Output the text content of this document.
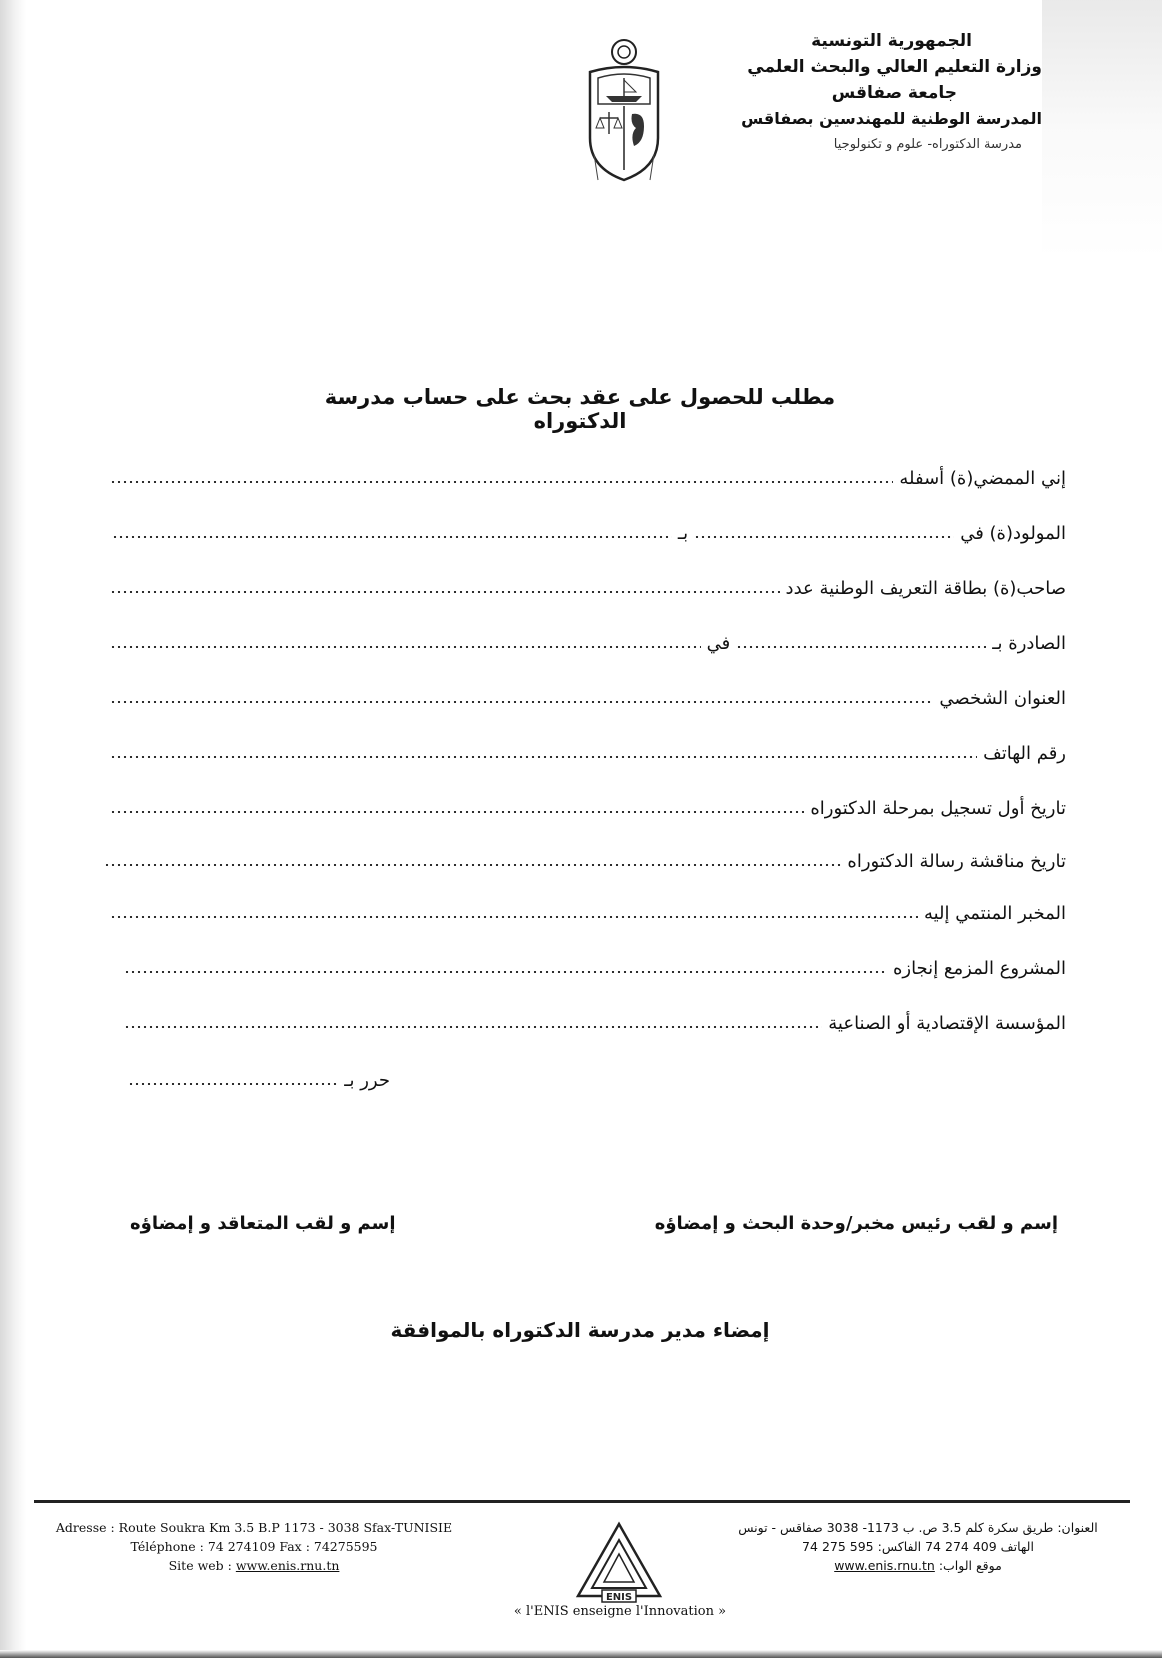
الجمهورية التونسية
وزارة التعليم العالي والبحث العلمي
جامعة صفاقس
المدرسة الوطنية للمهندسين بصفاقس
مدرسة الدكتوراه- علوم و تكنولوجيا
مطلب للحصول على عقد بحث على حساب مدرسة الدكتوراه
إني الممضي(ة) أسفله
المولود(ة) في
بـ
صاحب(ة) بطاقة التعريف الوطنية عدد
الصادرة بـ
في
العنوان الشخصي
رقم الهاتف
تاريخ أول تسجيل بمرحلة الدكتوراه
تاريخ مناقشة رسالة الدكتوراه
المخبر المنتمي إليه
المشروع المزمع إنجازه
المؤسسة الإقتصادية أو الصناعية
حرر بـ
إسم و لقب رئيس مخبر/وحدة البحث و إمضاؤه
إسم و لقب المتعاقد و إمضاؤه
إمضاء مدير مدرسة الدكتوراه بالموافقة
Adresse : Route Soukra Km 3.5 B.P 1173 - 3038 Sfax-TUNISIE
Téléphone : 74 274109 Fax : 74275595
Site web : www.enis.rnu.tn
ENIS
« l'ENIS enseigne l'Innovation »
العنوان: طريق سكرة كلم 3.5 ص. ب 1173- 3038 صفاقس - تونس
الهاتف 409 274 74 الفاكس: 595 275 74
موقع الواب: www.enis.rnu.tn
